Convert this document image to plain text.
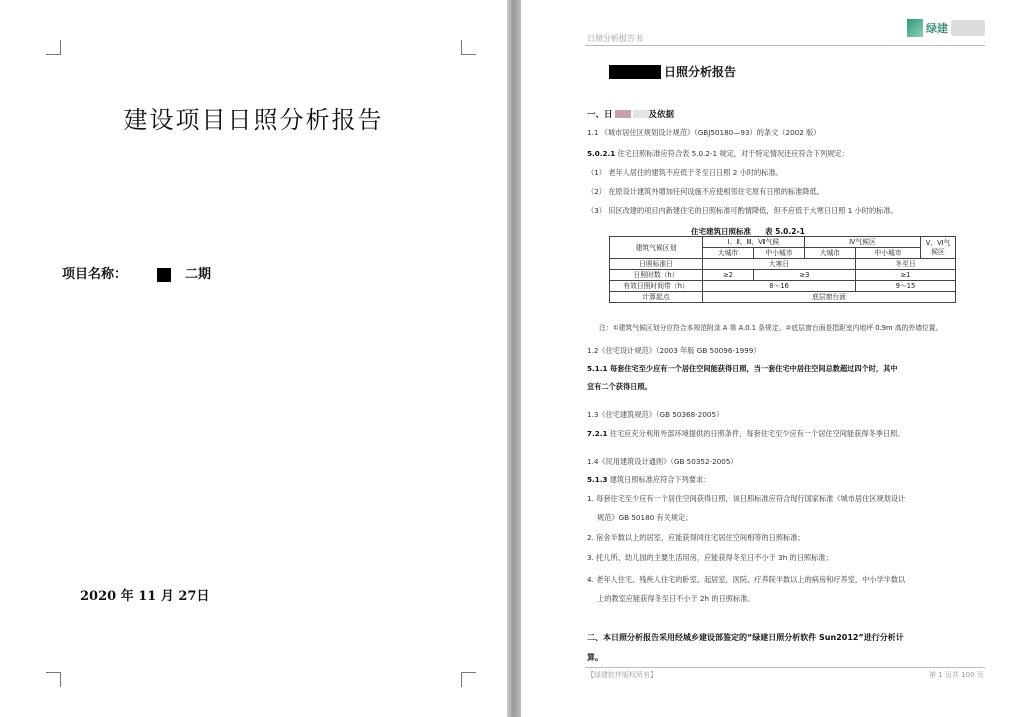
建设项目日照分析报告
项目名称：	二期
2020 年 11 月 27日
日照分析报告书
绿建
日照分析报告
一、日	及依据
1.1 《城市居住区规划设计规范》（GBJ50180—93）的条文（2002 版）
5.0.2.1 住宅日照标准应符合表 5.0.2-1 规定，对于特定情况还应符合下列规定：
（1） 老年人居住的建筑不应低于冬至日日照 2 小时的标准。
（2） 在原设计建筑外增加任何设施不应使相邻住宅原有日照的标准降低。
（3） 旧区改建的项目内新建住宅的日照标准可酌情降低，但不应低于大寒日日照 1 小时的标准。
住宅建筑日照标准 表 5.0.2-1
建筑气候区划	Ⅰ、Ⅱ、Ⅲ、Ⅶ气候		Ⅳ气候区		Ⅴ、Ⅵ气候区
	大城市	中小城市	大城市	中小城市	
日照标准日	大寒日			冬至日	
日照时数（h）	≥2	≥3		≥1	
有效日照时间带（h）	8～16			9～15	
计算起点	底层窗台面				
注：①建筑气候区划分应符合本规范附录 A 第 A.0.1 条规定。②底层窗台面是指距室内地坪 0.9m 高的外墙位置。
1.2《住宅设计规范》（2003 年版 GB 50096-1999）
5.1.1 每套住宅至少应有一个居住空间能获得日照，当一套住宅中居住空间总数超过四个时，其中
宜有二个获得日照。
1.3《住宅建筑规范》（GB 50368-2005）
7.2.1 住宅应充分利用外部环境提供的日照条件，每套住宅至少应有一个居住空间能获得冬季日照。
1.4《民用建筑设计通则》（GB 50352-2005）
5.1.3 建筑日照标准应符合下列要求：
1. 每套住宅至少应有一个居住空间获得日照，该日照标准应符合现行国家标准《城市居住区规划设计
规范》GB 50180 有关规定；
2. 宿舍半数以上的居室，应能获得同住宅居住空间相等的日照标准；
3. 托儿所、幼儿园的主要生活用房，应能获得冬至日不小于 3h 的日照标准；
4. 老年人住宅、残疾人住宅的卧室、起居室，医院、疗养院半数以上的病房和疗养室，中小学半数以
上的教室应能获得冬至日不小于 2h 的日照标准。
二、本日照分析报告采用经城乡建设部鉴定的“绿建日照分析软件 Sun2012”进行分析计
算。
【绿建软件版权所有】	第 1 页共 100 页
